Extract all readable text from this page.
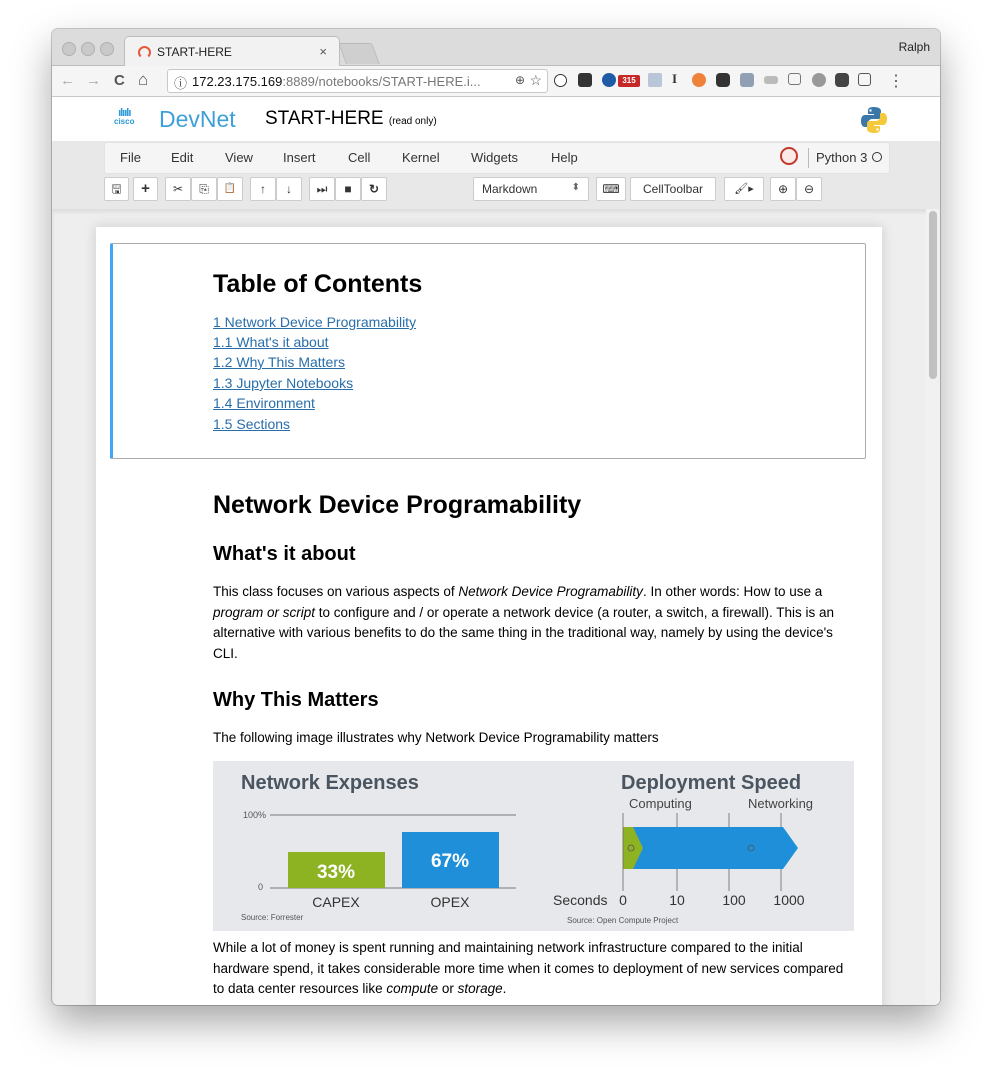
START-HERE	×	Ralph
← → C ⌂ ⓘ 172.23.175.169:8889/notebooks/START-HERE.i...	⊕ ☆	315	I	⋮
ılıılı
cisco DevNet START-HERE (read only)
File Edit View Insert Cell Kernel Widgets	Help	Python 3
🖫	+	✂	⎘	📋	↑	↓	⏭	■	↻	Markdown	⬍	⌨	CellToolbar	🖌▸	⊕	⊖
Table of Contents
1 Network Device Programability
1.1 What's it about
1.2 Why This Matters
1.3 Jupyter Notebooks
1.4 Environment
1.5 Sections
Network Device Programability
What's it about
This class focuses on various aspects of Network Device Programability. In other words: How to use a program or script to configure and / or operate a network device (a router, a switch, a firewall). This is an alternative with various benefits to do the same thing in the traditional way, namely by using the device's CLI.
Why This Matters
The following image illustrates why Network Device Programability matters
Network Expenses
100%
0
33%
67%
CAPEX	OPEX
Source: Forrester
Deployment Speed
Computing	Networking
Seconds 0	10	100 1000
Source: Open Compute Project
While a lot of money is spent running and maintaining network infrastructure compared to the initial hardware spend, it takes considerable more time when it comes to deployment of new services compared to data center resources like compute or storage.
